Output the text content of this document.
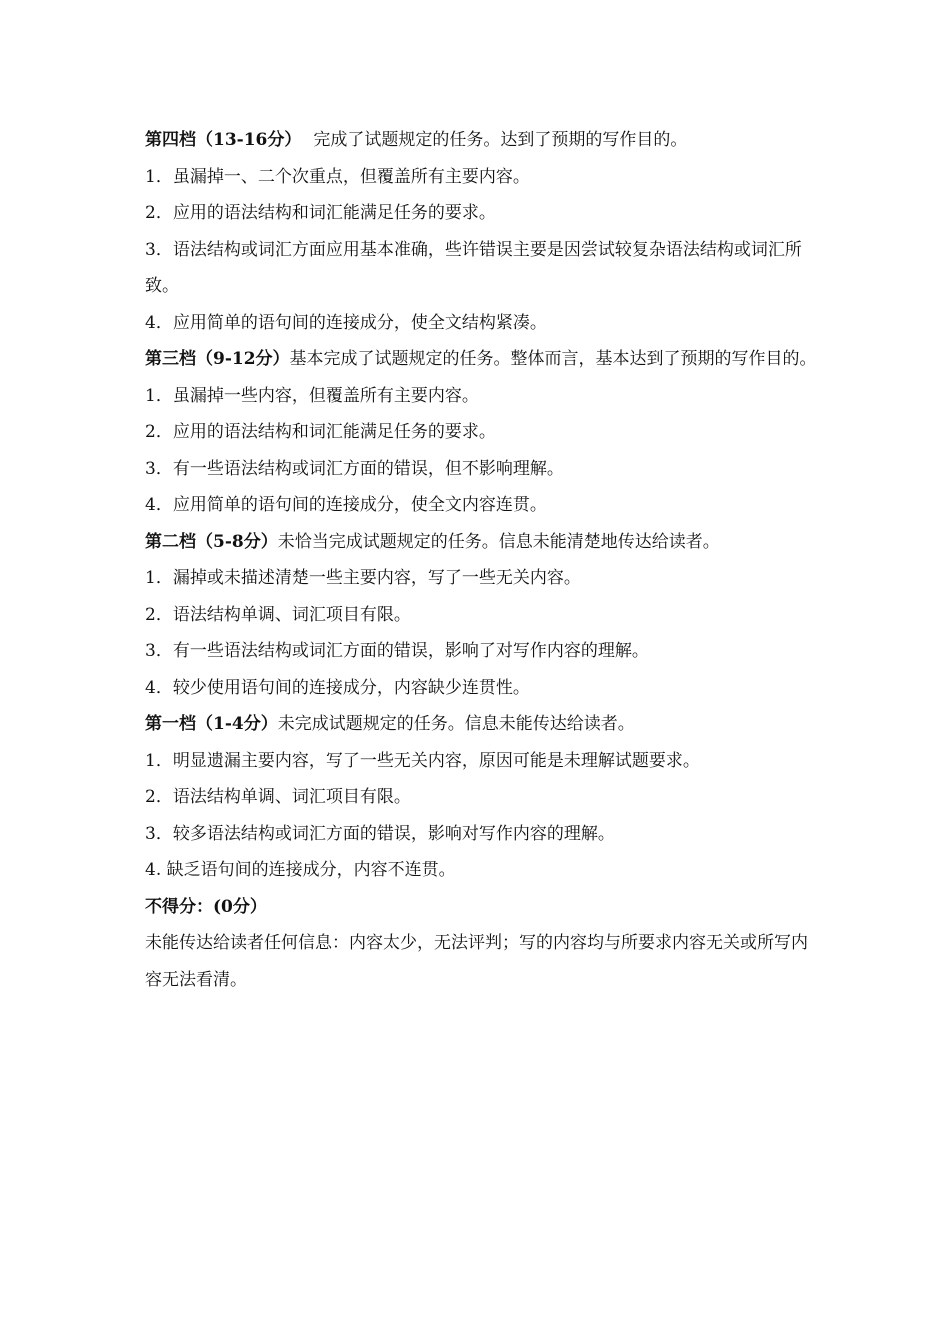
第四档（13-16分） 完成了试题规定的任务。达到了预期的写作目的。
1．虽漏掉一、二个次重点，但覆盖所有主要内容。
2．应用的语法结构和词汇能满足任务的要求。
3．语法结构或词汇方面应用基本准确，些许错误主要是因尝试较复杂语法结构或词汇所致。
4．应用简单的语句间的连接成分，使全文结构紧凑。
第三档（9-12分）基本完成了试题规定的任务。整体而言，基本达到了预期的写作目的。
1．虽漏掉一些内容，但覆盖所有主要内容。
2．应用的语法结构和词汇能满足任务的要求。
3．有一些语法结构或词汇方面的错误，但不影响理解。
4．应用简单的语句间的连接成分，使全文内容连贯。
第二档（5-8分）未恰当完成试题规定的任务。信息未能清楚地传达给读者。
1．漏掉或未描述清楚一些主要内容，写了一些无关内容。
2．语法结构单调、词汇项目有限。
3．有一些语法结构或词汇方面的错误，影响了对写作内容的理解。
4．较少使用语句间的连接成分，内容缺少连贯性。
第一档（1-4分）未完成试题规定的任务。信息未能传达给读者。
1．明显遗漏主要内容，写了一些无关内容，原因可能是未理解试题要求。
2．语法结构单调、词汇项目有限。
3．较多语法结构或词汇方面的错误，影响对写作内容的理解。
4. 缺乏语句间的连接成分，内容不连贯。
不得分：(0分）
未能传达给读者任何信息：内容太少，无法评判；写的内容均与所要求内容无关或所写内容无法看清。
